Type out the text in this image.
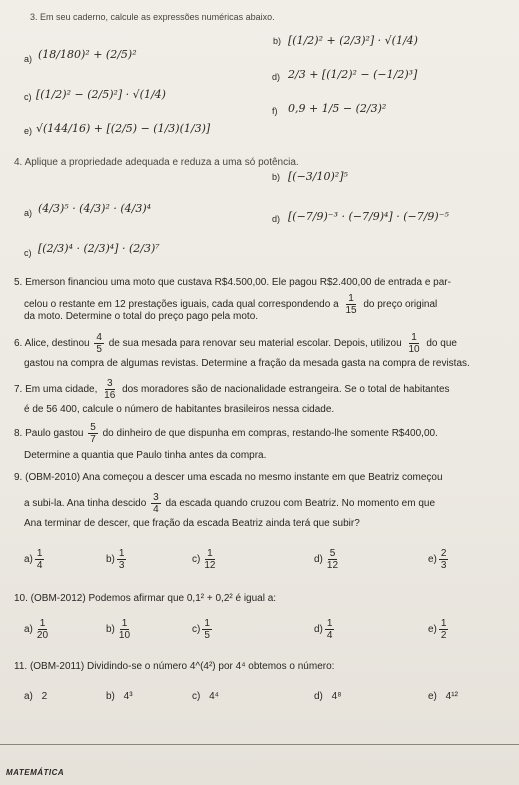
3. Em seu caderno, calcule as expressões numéricas abaixo.
a) (18/180)² + (2/5)²
b) [(1/2)² + (2/3)²] · √(1/4)
c) [(1/2)² − (2/5)²] · √(1/4)
d) 2/3 + [(1/2)² − (−1/2)³]
e) √(144/16) + [(2/5) − (1/3)(1/3)]
f) 0,9 + 1/5 − (2/3)²
4. Aplique a propriedade adequada e reduza a uma só potência.
a) (4/3)⁵ · (4/3)² · (4/3)⁴
b) [(−3/10)²]⁵
c) [(2/3)⁴ · (2/3)⁴] · (2/3)⁷
d) [(−7/9)⁻³ · (−7/9)⁴] · (−7/9)⁻⁵
5. Emerson financiou uma moto que custava R$4.500,00. Ele pagou R$2.400,00 de entrada e par-
celou o restante em 12 prestações iguais, cada qual correspondendo a $\frac{1}{15}$ do preço original
da moto. Determine o total do preço pago pela moto.
6. Alice, destinou $\frac{4}{5}$ de sua mesada para renovar seu material escolar. Depois, utilizou $\frac{1}{10}$ do que
gastou na compra de algumas revistas. Determine a fração da mesada gasta na compra de revistas.
7. Em uma cidade, $\frac{3}{16}$ dos moradores são de nacionalidade estrangeira. Se o total de habitantes
é de 56 400, calcule o número de habitantes brasileiros nessa cidade.
8. Paulo gastou $\frac{5}{7}$ do dinheiro de que dispunha em compras, restando-lhe somente R$400,00.
Determine a quantia que Paulo tinha antes da compra.
9. (OBM-2010) Ana começou a descer uma escada no mesmo instante em que Beatriz começou
a subi-la. Ana tinha descido $\frac{3}{4}$ da escada quando cruzou com Beatriz. No momento em que
Ana terminar de descer, que fração da escada Beatriz ainda terá que subir?
$a) \frac{1}{4}$	$b) \frac{1}{3}$	$c) \frac{1}{12}$	$d) \frac{5}{12}$	$e) \frac{2}{3}$
10. (OBM-2012) Podemos afirmar que 0,1² + 0,2² é igual a:
$a) \frac{1}{20}$	$b) \frac{1}{10}$	$c) \frac{1}{5}$	$d) \frac{1}{4}$	$e) \frac{1}{2}$
11. (OBM-2011) Dividindo-se o número 4^(4²) por 4⁴ obtemos o número:
a) 2	b) 4³	c) 4⁴	d) 4⁸	e) 4¹²
MATEMÁTICA
